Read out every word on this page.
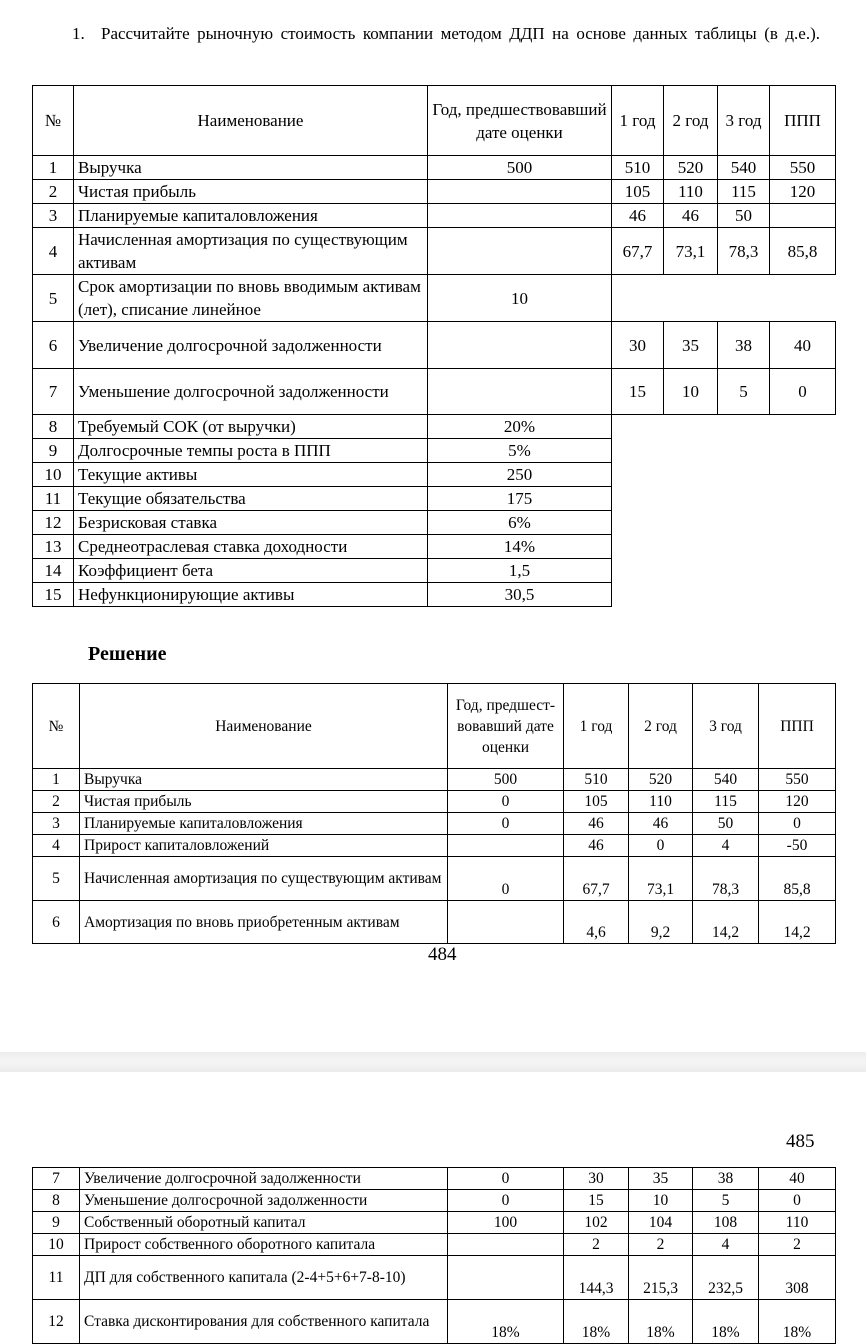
1. Рассчитайте рыночную стоимость компании методом ДДП на основе данных таблицы (в д.е.).
№	Наименование	Год, предшествовавший дате оценки	1 год	2 год	3 год	ППП
1	Выручка	500	510	520	540	550
2	Чистая прибыль		105	110	115	120
3	Планируемые капиталовложения		46	46	50	
4	Начисленная амортизация по существующим активам		67,7	73,1	78,3	85,8
5	Срок амортизации по вновь вводимым активам (лет), списание линейное	10				
6	Увеличение долгосрочной задолженности		30	35	38	40
7	Уменьшение долгосрочной задолженности		15	10	5	0
8	Требуемый СОК (от выручки)	20%				
9	Долгосрочные темпы роста в ППП	5%				
10	Текущие активы	250				
11	Текущие обязательства	175				
12	Безрисковая ставка	6%				
13	Среднеотраслевая ставка доходности	14%				
14	Коэффициент бета	1,5				
15	Нефункционирующие активы	30,5				
Решение
№	Наименование	Год, предшест-вовавший дате оценки	1 год	2 год	3 год	ППП
1	Выручка	500	510	520	540	550
2	Чистая прибыль	0	105	110	115	120
3	Планируемые капиталовложения	0	46	46	50	0
4	Прирост капиталовложений		46	0	4	-50
5	Начисленная амортизация по существующим активам	0	67,7	73,1	78,3	85,8
6	Амортизация по вновь приобретенным активам		4,6	9,2	14,2	14,2
484
485
7	Увеличение долгосрочной задолженности	0	30	35	38	40
8	Уменьшение долгосрочной задолженности	0	15	10	5	0
9	Собственный оборотный капитал	100	102	104	108	110
10	Прирост собственного оборотного капитала		2	2	4	2
11	ДП для собственного капитала (2-4+5+6+7-8-10)		144,3	215,3	232,5	308
12	Ставка дисконтирования для собственного капитала	18%	18%	18%	18%	18%
